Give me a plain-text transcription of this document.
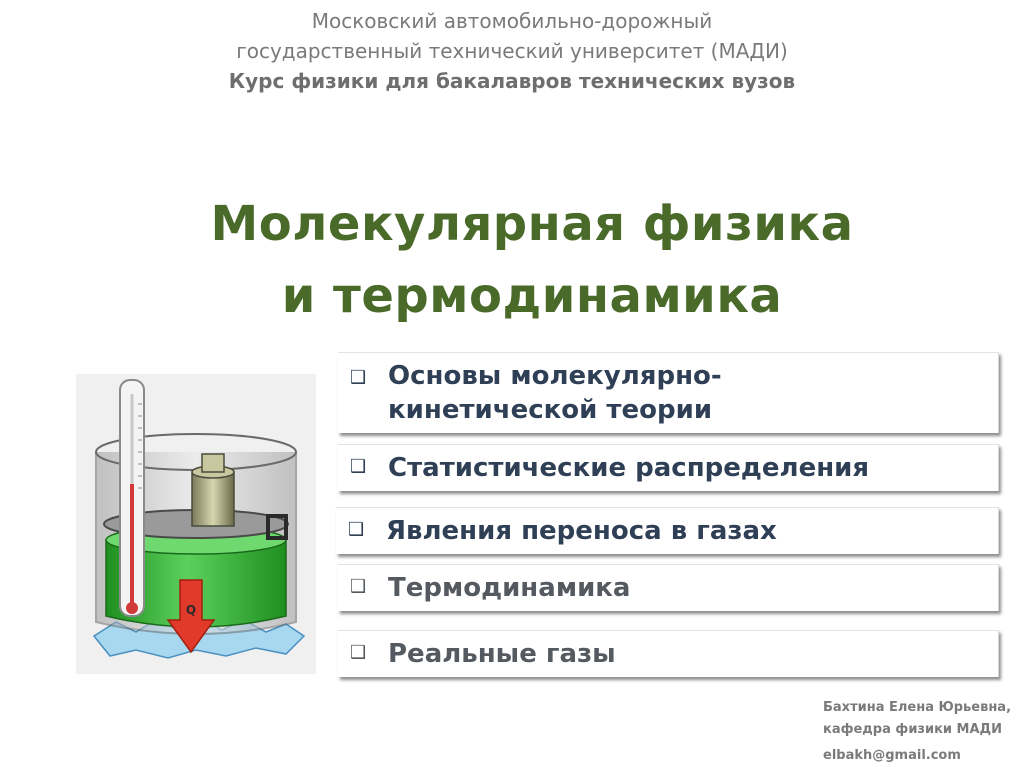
Московский автомобильно-дорожный
государственный технический университет (МАДИ)
Курс физики для бакалавров технических вузов
Молекулярная физика
и термодинамика
Q
❑ Основы молекулярно-
кинетической теории
❑ Статистические распределения
❑ Явления переноса в газах
❑ Термодинамика
❑ Реальные газы
Бахтина Елена Юрьевна,
кафедра физики МАДИ
elbakh@gmail.com
